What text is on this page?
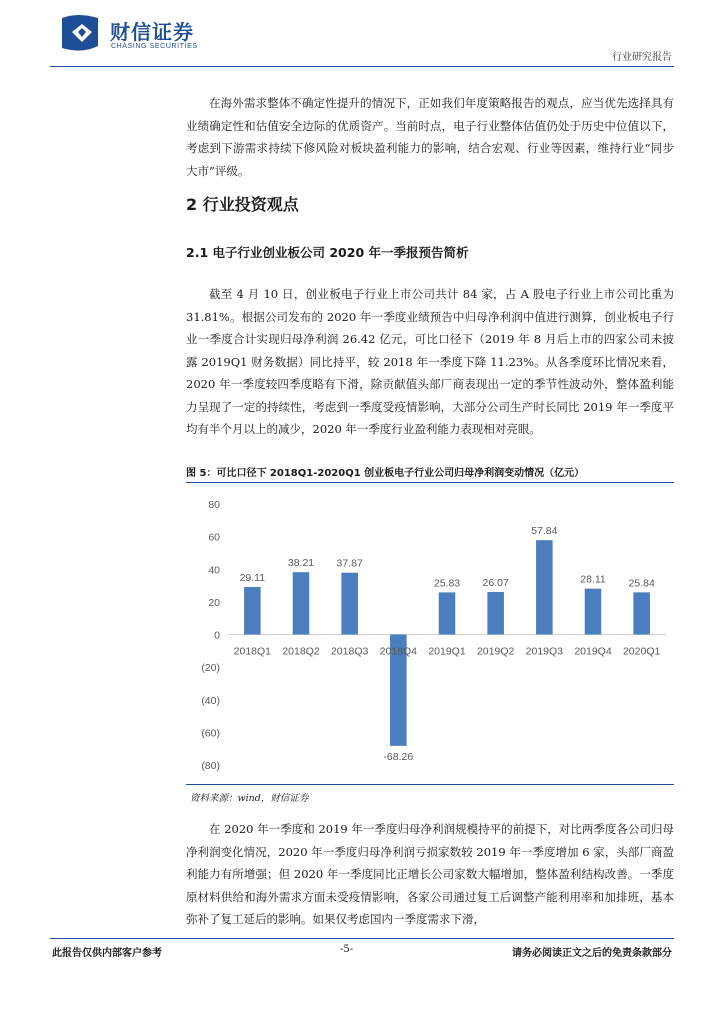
财信证券
CHASING SECURITIES
行业研究报告

在海外需求整体不确定性提升的情况下，正如我们年度策略报告的观点，应当优先选择具有业绩确定性和估值安全边际的优质资产。当前时点，电子行业整体估值仍处于历史中位值以下，考虑到下游需求持续下修风险对板块盈利能力的影响，结合宏观、行业等因素，维持行业“同步大市”评级。

2 行业投资观点
2.1 电子行业创业板公司 2020 年一季报预告简析

截至 4 月 10 日，创业板电子行业上市公司共计 84 家，占 A 股电子行业上市公司比重为 31.81%。根据公司发布的 2020 年一季度业绩预告中归母净利润中值进行测算，创业板电子行业一季度合计实现归母净利润 26.42 亿元，可比口径下（2019 年 8 月后上市的四家公司未披露 2019Q1 财务数据）同比持平，较 2018 年一季度下降 11.23%。从各季度环比情况来看，2020 年一季度较四季度略有下滑，除贡献值头部厂商表现出一定的季节性波动外，整体盈利能力呈现了一定的持续性，考虑到一季度受疫情影响，大部分公司生产时长同比 2019 年一季度平均有半个月以上的减少，2020 年一季度行业盈利能力表现相对亮眼。

图 5：可比口径下 2018Q1-2020Q1 创业板电子行业公司归母净利润变动情况（亿元）

80
60
40
20
0
(20)
(40)
(60)
(80)
29.11
2018Q1
38.21
2018Q2
37.87
2018Q3
-68.26
2018Q4
25.83
2019Q1
26.07
2019Q2
57.84
2019Q3
28.11
2019Q4
25.84
2020Q1

资料来源：wind，财信证券

在 2020 年一季度和 2019 年一季度归母净利润规模持平的前提下，对比两季度各公司归母净利润变化情况，2020 年一季度归母净利润亏损家数较 2019 年一季度增加 6 家，头部厂商盈利能力有所增强；但 2020 年一季度同比正增长公司家数大幅增加，整体盈利结构改善。一季度原材料供给和海外需求方面未受疫情影响，各家公司通过复工后调整产能利用率和加排班，基本弥补了复工延后的影响。如果仅考虑国内一季度需求下滑，

此报告仅供内部客户参考	-5-	请务必阅读正文之后的免责条款部分
